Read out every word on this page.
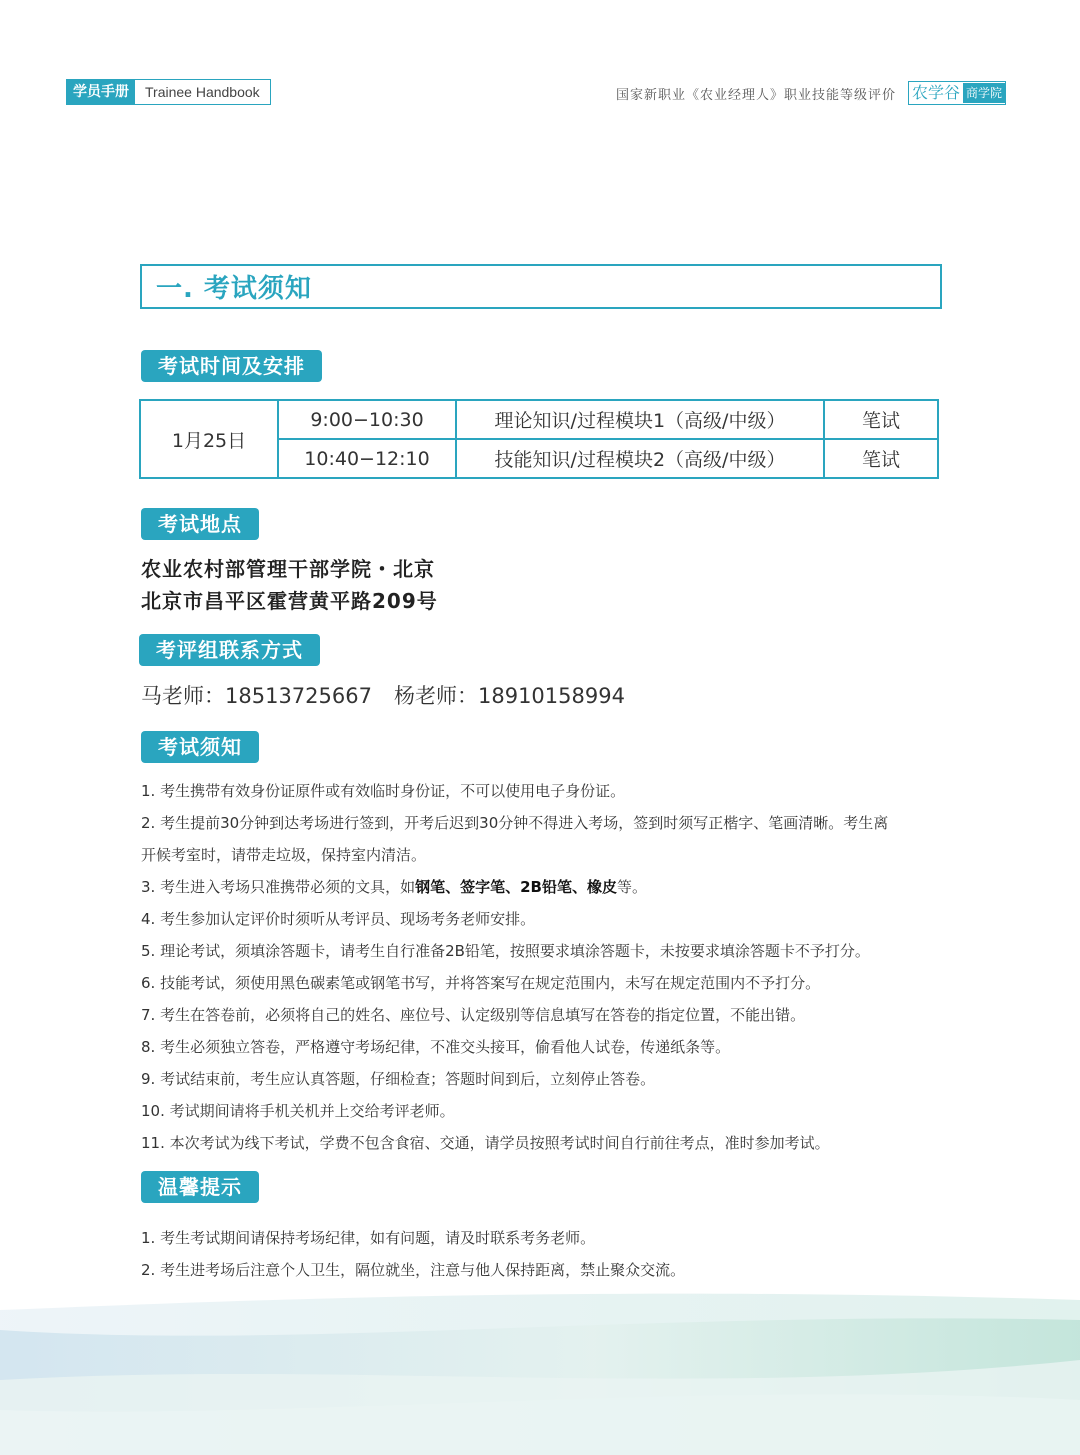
学员手册	Trainee Handbook	国家新职业《农业经理人》职业技能等级评价 农学谷 商学院
一. 考试须知
考试时间及安排
1月25日	9:00−10:30	理论知识/过程模块1（高级/中级）	笔试
	10:40−12:10	技能知识/过程模块2（高级/中级）	笔试
考试地点
农业农村部管理干部学院・北京
北京市昌平区霍营黄平路209号
考评组联系方式
马老师：18513725667 杨老师：18910158994
考试须知
1. 考生携带有效身份证原件或有效临时身份证，不可以使用电子身份证。
2. 考生提前30分钟到达考场进行签到，开考后迟到30分钟不得进入考场，签到时须写正楷字、笔画清晰。考生离
开候考室时，请带走垃圾，保持室内清洁。
3. 考生进入考场只准携带必须的文具，如钢笔、签字笔、2B铅笔、橡皮等。
4. 考生参加认定评价时须听从考评员、现场考务老师安排。
5. 理论考试，须填涂答题卡，请考生自行准备2B铅笔，按照要求填涂答题卡，未按要求填涂答题卡不予打分。
6. 技能考试，须使用黑色碳素笔或钢笔书写，并将答案写在规定范围内，未写在规定范围内不予打分。
7. 考生在答卷前，必须将自己的姓名、座位号、认定级别等信息填写在答卷的指定位置，不能出错。
8. 考生必须独立答卷，严格遵守考场纪律，不准交头接耳，偷看他人试卷，传递纸条等。
9. 考试结束前，考生应认真答题，仔细检查；答题时间到后，立刻停止答卷。
10. 考试期间请将手机关机并上交给考评老师。
11. 本次考试为线下考试，学费不包含食宿、交通，请学员按照考试时间自行前往考点，准时参加考试。
温馨提示
1. 考生考试期间请保持考场纪律，如有问题，请及时联系考务老师。
2. 考生进考场后注意个人卫生，隔位就坐，注意与他人保持距离，禁止聚众交流。
